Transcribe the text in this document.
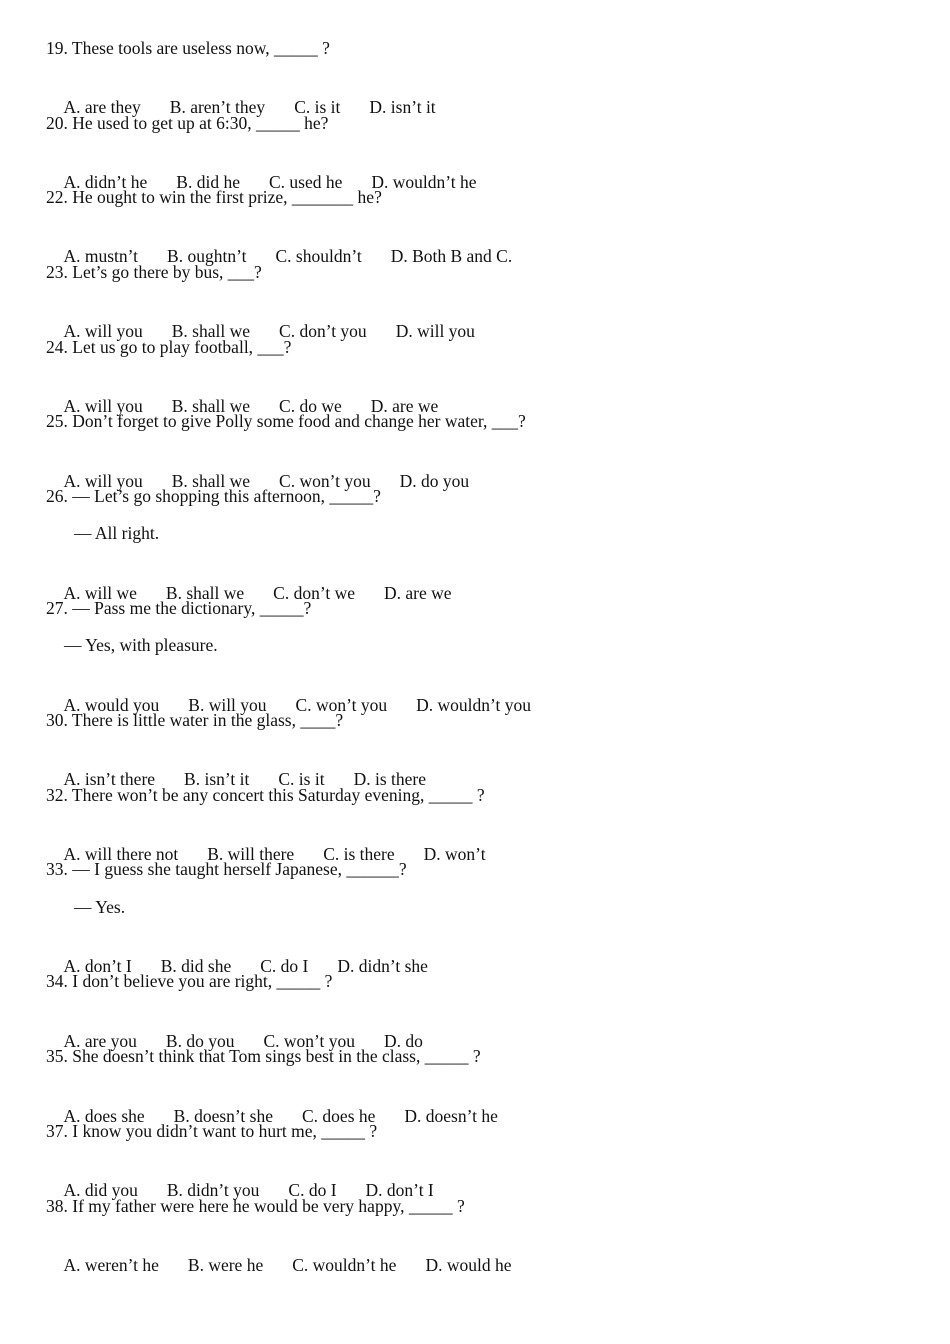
19. These tools are useless now, _____ ?

A. are they B. aren’t they C. is it D. isn’t it

20. He used to get up at 6:30, _____ he?

A. didn’t he B. did he C. used he D. wouldn’t he

22. He ought to win the first prize, _______ he?

A. mustn’t B. oughtn’t C. shouldn’t D. Both B and C.

23. Let’s go there by bus, ___?

A. will you B. shall we C. don’t you D. will you

24. Let us go to play football, ___?

A. will you B. shall we C. do we D. are we

25. Don’t forget to give Polly some food and change her water, ___?

A. will you B. shall we C. won’t you D. do you

26. — Let’s go shopping this afternoon, _____?
— All right.

A. will we B. shall we C. don’t we D. are we

27. — Pass me the dictionary, _____?
— Yes, with pleasure.

A. would you B. will you C. won’t you D. wouldn’t you

30. There is little water in the glass, ____?

A. isn’t there B. isn’t it C. is it D. is there

32. There won’t be any concert this Saturday evening, _____ ?

A. will there not B. will there C. is there D. won’t

33. — I guess she taught herself Japanese, ______?
— Yes.

A. don’t I B. did she C. do I D. didn’t she

34. I don’t believe you are right, _____ ?

A. are you B. do you C. won’t you D. do

35. She doesn’t think that Tom sings best in the class, _____ ?

A. does she B. doesn’t she C. does he D. doesn’t he

37. I know you didn’t want to hurt me, _____ ?

A. did you B. didn’t you C. do I D. don’t I

38. If my father were here he would be very happy, _____ ?

A. weren’t he B. were he C. wouldn’t he D. would he
